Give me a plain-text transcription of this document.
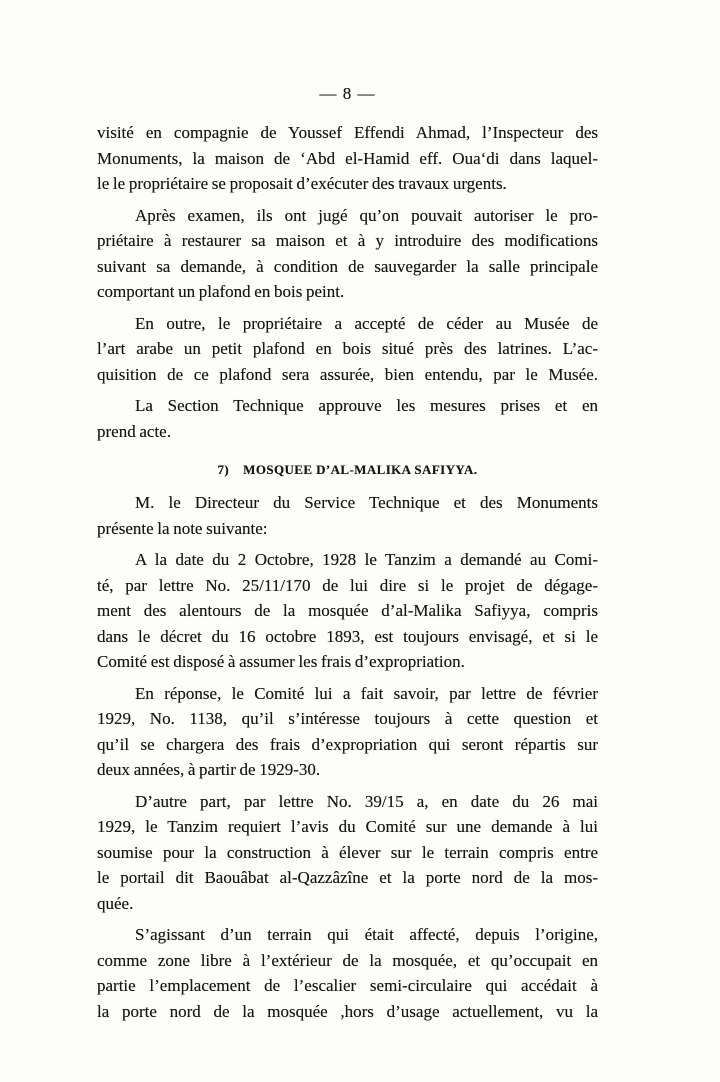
— 8 —
visité en compagnie de Youssef Effendi Ahmad, l’Inspecteur des
Monuments, la maison de ‘Abd el-Hamid eff. Oua‘di dans laquel-
le le propriétaire se proposait d’exécuter des travaux urgents.
Après examen, ils ont jugé qu’on pouvait autoriser le pro-
priétaire à restaurer sa maison et à y introduire des modifications
suivant sa demande, à condition de sauvegarder la salle principale
comportant un plafond en bois peint.
En outre, le propriétaire a accepté de céder au Musée de
l’art arabe un petit plafond en bois situé près des latrines. L’ac-
quisition de ce plafond sera assurée, bien entendu, par le Musée.
La Section Technique approuve les mesures prises et en
prend acte.
7) MOSQUEE D’AL-MALIKA SAFIYYA.
M. le Directeur du Service Technique et des Monuments
présente la note suivante:
A la date du 2 Octobre, 1928 le Tanzim a demandé au Comi-
té, par lettre No. 25/11/170 de lui dire si le projet de dégage-
ment des alentours de la mosquée d’al-Malika Safiyya, compris
dans le décret du 16 octobre 1893, est toujours envisagé, et si le
Comité est disposé à assumer les frais d’expropriation.
En réponse, le Comité lui a fait savoir, par lettre de février
1929, No. 1138, qu’il s’intéresse toujours à cette question et
qu’il se chargera des frais d’expropriation qui seront répartis sur
deux années, à partir de 1929-30.
D’autre part, par lettre No. 39/15 a, en date du 26 mai
1929, le Tanzim requiert l’avis du Comité sur une demande à lui
soumise pour la construction à élever sur le terrain compris entre
le portail dit Baouâbat al-Qazzâzîne et la porte nord de la mos-
quée.
S’agissant d’un terrain qui était affecté, depuis l’origine,
comme zone libre à l’extérieur de la mosquée, et qu’occupait en
partie l’emplacement de l’escalier semi-circulaire qui accédait à
la porte nord de la mosquée ,hors d’usage actuellement, vu la
